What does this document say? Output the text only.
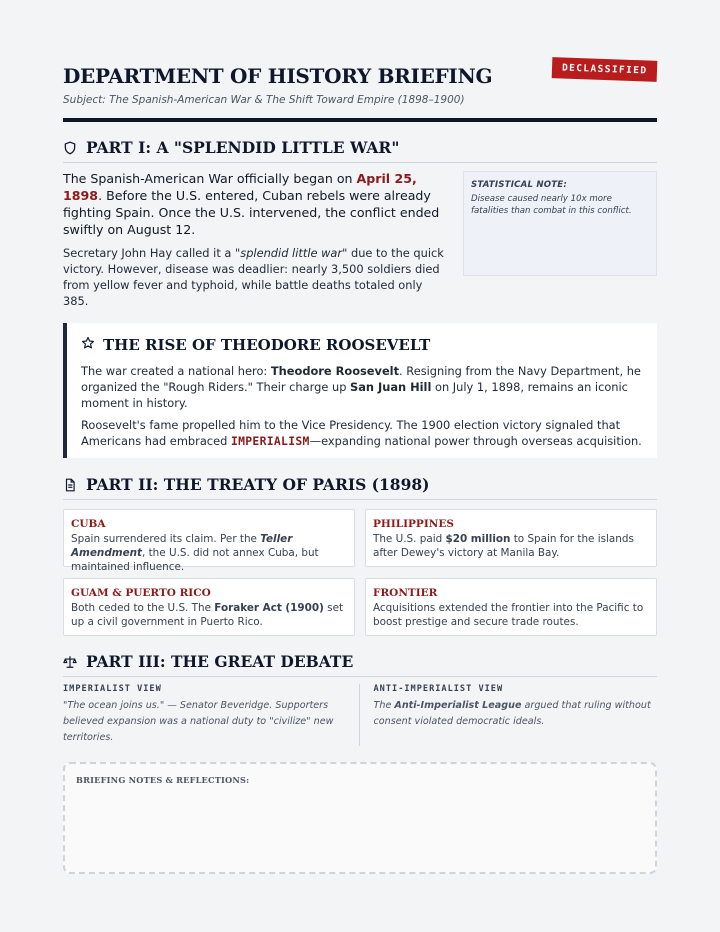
DEPARTMENT OF HISTORY BRIEFING
Subject: The Spanish-American War & The Shift Toward Empire (1898–1900)
DECLASSIFIED
PART I: A "SPLENDID LITTLE WAR"

The Spanish-American War officially began on April 25, 1898. Before the U.S. entered, Cuban rebels were already fighting Spain. Once the U.S. intervened, the conflict ended swiftly on August 12.

Secretary John Hay called it a "splendid little war" due to the quick victory. However, disease was deadlier: nearly 3,500 soldiers died from yellow fever and typhoid, while battle deaths totaled only 385.

STATISTICAL NOTE:
Disease caused nearly 10x more fatalities than combat in this conflict.
THE RISE OF THEODORE ROOSEVELT

The war created a national hero: Theodore Roosevelt. Resigning from the Navy Department, he organized the "Rough Riders." Their charge up San Juan Hill on July 1, 1898, remains an iconic moment in history.

Roosevelt's fame propelled him to the Vice Presidency. The 1900 election victory signaled that Americans had embraced IMPERIALISM—expanding national power through overseas acquisition.

PART II: THE TREATY OF PARIS (1898)
CUBA
Spain surrendered its claim. Per the Teller Amendment, the U.S. did not annex Cuba, but maintained influence.
PHILIPPINES
The U.S. paid $20 million to Spain for the islands after Dewey's victory at Manila Bay.
GUAM & PUERTO RICO
Both ceded to the U.S. The Foraker Act (1900) set up a civil government in Puerto Rico.
FRONTIER
Acquisitions extended the frontier into the Pacific to boost prestige and secure trade routes.
PART III: THE GREAT DEBATE
IMPERIALIST VIEW
"The ocean joins us." — Senator Beveridge. Supporters believed expansion was a national duty to "civilize" new territories.
ANTI-IMPERIALIST VIEW
The Anti-Imperialist League argued that ruling without consent violated democratic ideals.
BRIEFING NOTES & REFLECTIONS:
